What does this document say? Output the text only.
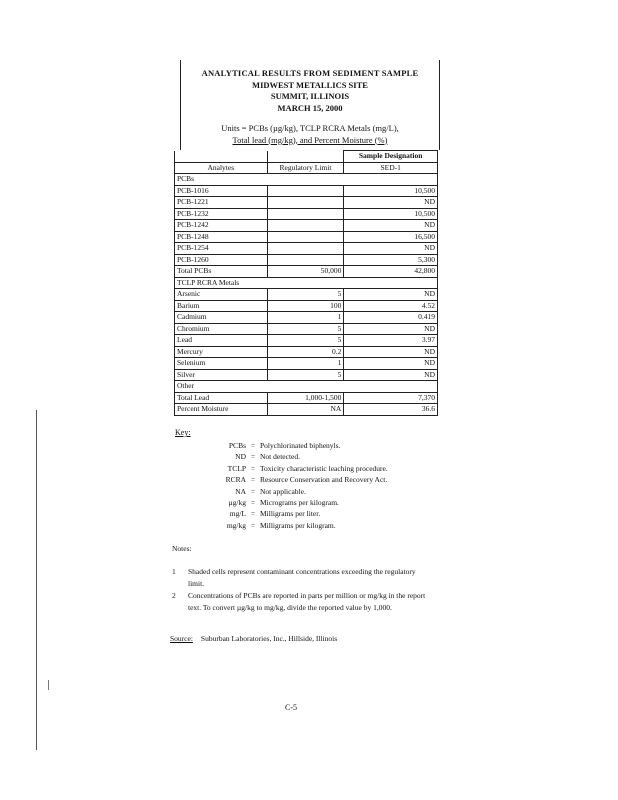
ANALYTICAL RESULTS FROM SEDIMENT SAMPLE
MIDWEST METALLICS SITE
SUMMIT, ILLINOIS
MARCH 15, 2000
Units = PCBs (µg/kg), TCLP RCRA Metals (mg/L),
Total lead (mg/kg), and Percent Moisture (%)
		Sample Designation
Analytes	Regulatory Limit	SED-1
PCBs		
PCB-1016		10,500
PCB-1221		ND
PCB-1232		10,500
PCB-1242		ND
PCB-1248		16,500
PCB-1254		ND
PCB-1260		5,300
Total PCBs	50,000	42,800
TCLP RCRA Metals		
Arsenic	5	ND
Barium	100	4.52
Cadmium	1	0.419
Chromium	5	ND
Lead	5	3.97
Mercury	0.2	ND
Selenium	1	ND
Silver	5	ND
Other		
Total Lead	1,000-1,500	7,370
Percent Moisture	NA	36.6
Key:
PCBs = Polychlorinated biphenyls.
ND = Not detected.
TCLP = Toxicity characteristic leaching procedure.
RCRA = Resource Conservation and Recovery Act.
NA = Not applicable.
µg/kg = Micrograms per kilogram.
mg/L = Milligrams per liter.
mg/kg = Milligrams per kilogram.
Notes:
1 Shaded cells represent contaminant concentrations exceeding the regulatory limit.
2 Concentrations of PCBs are reported in parts per million or mg/kg in the report text. To convert µg/kg to mg/kg, divide the reported value by 1,000.
Source: Suburban Laboratories, Inc., Hillside, Illinois
C-5
